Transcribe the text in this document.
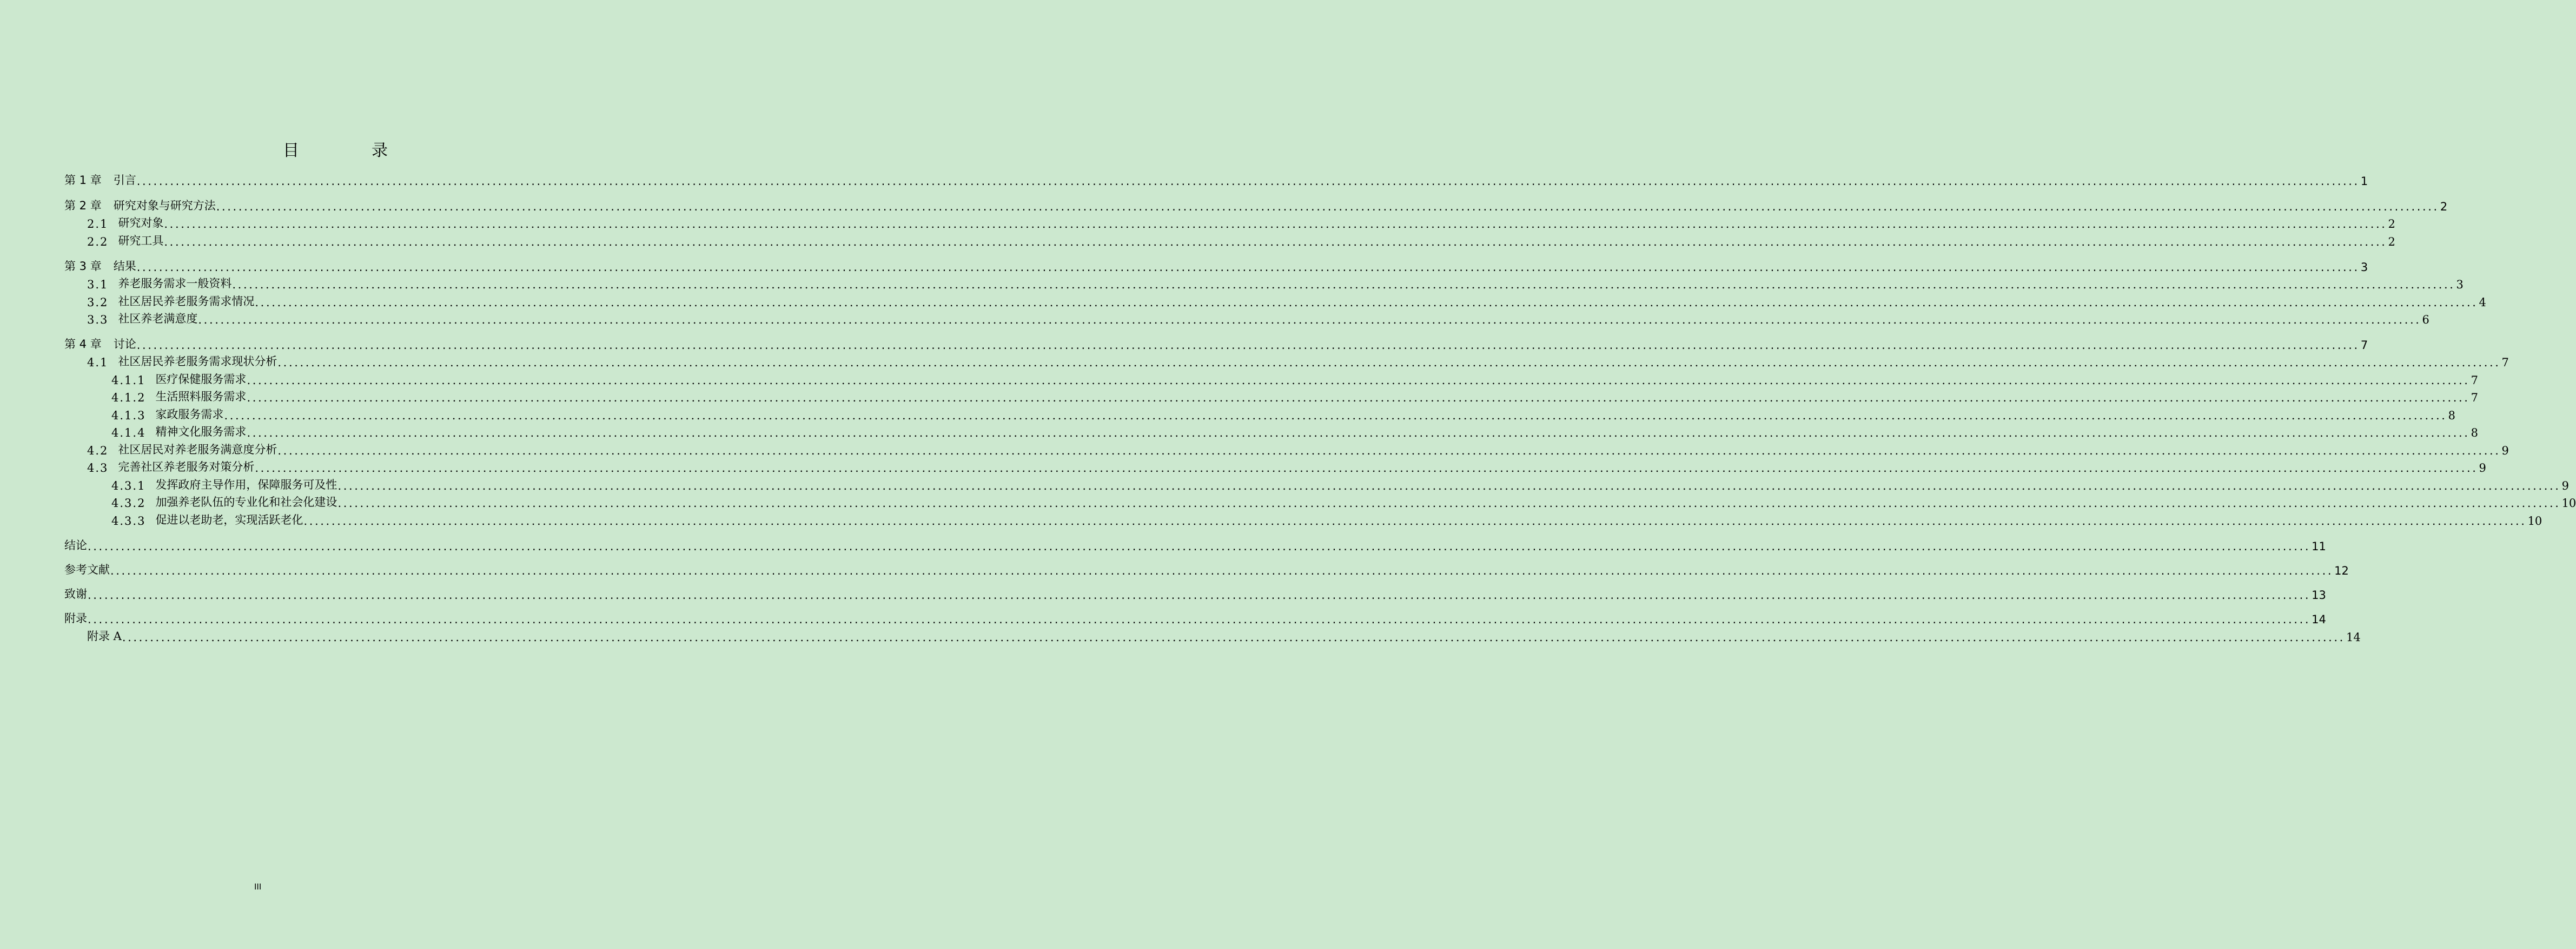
目　录
第 1 章 引言 ................................................................................................................................................................................................................................................................................................................................................................................................................ 1
第 2 章 研究对象与研究方法 ................................................................................................................................................................................................................................................................................................................................................................................................................ 2
2.1 研究对象 ................................................................................................................................................................................................................................................................................................................................................................................................................ 2
2.2 研究工具 ................................................................................................................................................................................................................................................................................................................................................................................................................ 2
第 3 章 结果 ................................................................................................................................................................................................................................................................................................................................................................................................................ 3
3.1 养老服务需求一般资料 ................................................................................................................................................................................................................................................................................................................................................................................................................ 3
3.2 社区居民养老服务需求情况 ................................................................................................................................................................................................................................................................................................................................................................................................................ 4
3.3 社区养老满意度 ................................................................................................................................................................................................................................................................................................................................................................................................................ 6
第 4 章 讨论 ................................................................................................................................................................................................................................................................................................................................................................................................................ 7
4.1 社区居民养老服务需求现状分析 ................................................................................................................................................................................................................................................................................................................................................................................................................ 7
4.1.1 医疗保健服务需求 ................................................................................................................................................................................................................................................................................................................................................................................................................ 7
4.1.2 生活照料服务需求 ................................................................................................................................................................................................................................................................................................................................................................................................................ 7
4.1.3 家政服务需求 ................................................................................................................................................................................................................................................................................................................................................................................................................ 8
4.1.4 精神文化服务需求 ................................................................................................................................................................................................................................................................................................................................................................................................................ 8
4.2 社区居民对养老服务满意度分析 ................................................................................................................................................................................................................................................................................................................................................................................................................ 9
4.3 完善社区养老服务对策分析 ................................................................................................................................................................................................................................................................................................................................................................................................................ 9
4.3.1 发挥政府主导作用，保障服务可及性 ................................................................................................................................................................................................................................................................................................................................................................................................................ 9
4.3.2 加强养老队伍的专业化和社会化建设 ................................................................................................................................................................................................................................................................................................................................................................................................................ 10
4.3.3 促进以老助老，实现活跃老化 ................................................................................................................................................................................................................................................................................................................................................................................................................ 10
结论 ................................................................................................................................................................................................................................................................................................................................................................................................................ 11
参考文献 ................................................................................................................................................................................................................................................................................................................................................................................................................ 12
致谢 ................................................................................................................................................................................................................................................................................................................................................................................................................ 13
附录 ................................................................................................................................................................................................................................................................................................................................................................................................................ 14
附录 A ................................................................................................................................................................................................................................................................................................................................................................................................................ 14
III
